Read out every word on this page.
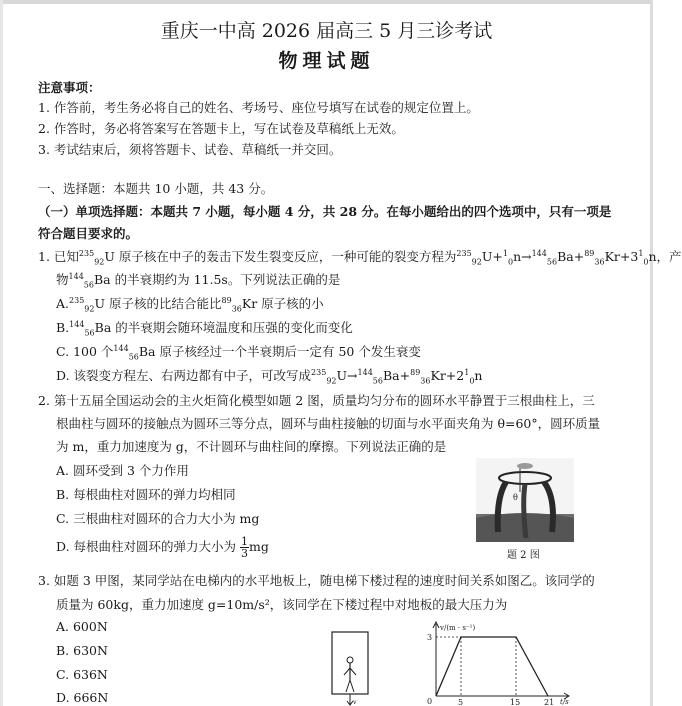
重庆一中高 2026 届高三 5 月三诊考试
物理试题
注意事项：
1. 作答前，考生务必将自己的姓名、考场号、座位号填写在试卷的规定位置上。
2. 作答时，务必将答案写在答题卡上，写在试卷及草稿纸上无效。
3. 考试结束后，须将答题卡、试卷、草稿纸一并交回。
一、选择题：本题共 10 小题，共 43 分。
（一）单项选择题：本题共 7 小题，每小题 4 分，共 28 分。在每小题给出的四个选项中，只有一项是
符合题目要求的。
1. 已知$^{235}_{92}$U 原子核在中子的轰击下发生裂变反应，一种可能的裂变方程为$^{235}_{92}U+^1_0n\to^{144}_{56}Ba+^{89}_{36}Kr+3^1_0n$，产
物$^{144}_{56}$Ba 的半衰期约为 11.5s。下列说法正确的是
A.$^{235}_{92}$U 原子核的比结合能比$^{89}_{36}$Kr 原子核的小
B.$^{144}_{56}$Ba 的半衰期会随环境温度和压强的变化而变化
C. 100 个$^{144}_{56}$Ba 原子核经过一个半衰期后一定有 50 个发生衰变
D. 该裂变方程左、右两边都有中子，可改写成$^{235}_{92}U\to^{144}_{56}Ba+^{89}_{36}Kr+2^1_0n$
2. 第十五届全国运动会的主火炬简化模型如题 2 图，质量均匀分布的圆环水平静置于三根曲柱上，三
根曲柱与圆环的接触点为圆环三等分点，圆环与曲柱接触的切面与水平面夹角为 θ=60°，圆环质量
为 m，重力加速度为 g，不计圆环与曲柱间的摩擦。下列说法正确的是
A. 圆环受到 3 个力作用
B. 每根曲柱对圆环的弹力均相同
C. 三根曲柱对圆环的合力大小为 mg
D. 每根曲柱对圆环的弹力大小为 $\frac{1}{3}$ mg
θ
题 2 图
3. 如题 3 甲图，某同学站在电梯内的水平地板上，随电梯下楼过程的速度时间关系如图乙。该同学的
质量为 60kg，重力加速度 g=10m/s²，该同学在下楼过程中对地板的最大压力为
A. 600N
B. 630N
C. 636N
D. 666N	v
v/(m · s⁻¹)
t/s
3
0	5	15	21
